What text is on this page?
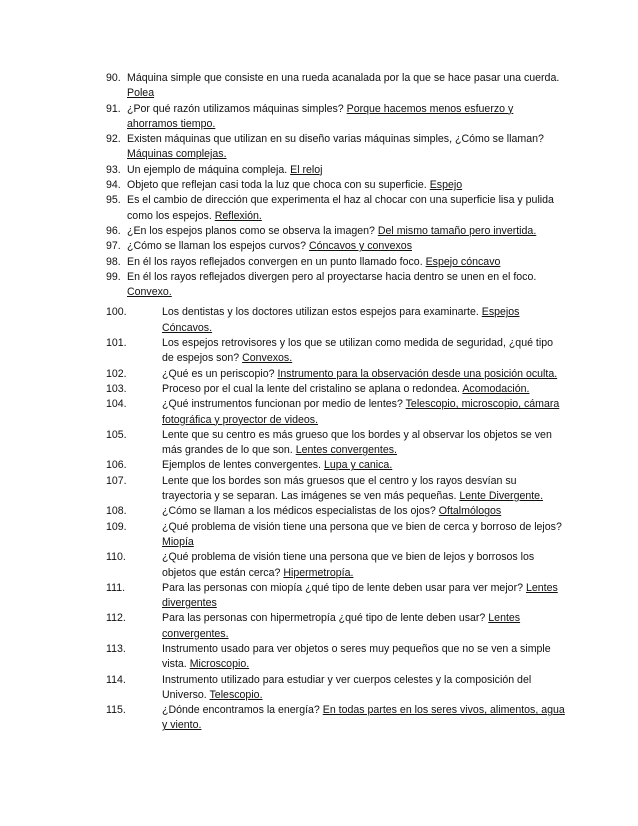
90. Máquina simple que consiste en una rueda acanalada por la que se hace pasar una cuerda. Polea
91. ¿Por qué razón utilizamos máquinas simples? Porque hacemos menos esfuerzo y ahorramos tiempo.
92. Existen máquinas que utilizan en su diseño varias máquinas simples, ¿Cómo se llaman? Máquinas complejas.
93. Un ejemplo de máquina compleja. El reloj
94. Objeto que reflejan casi toda la luz que choca con su superficie. Espejo
95. Es el cambio de dirección que experimenta el haz al chocar con una superficie lisa y pulida como los espejos. Reflexión.
96. ¿En los espejos planos como se observa la imagen? Del mismo tamaño pero invertida.
97. ¿Cómo se llaman los espejos curvos? Cóncavos y convexos
98. En él los rayos reflejados convergen en un punto llamado foco. Espejo cóncavo
99. En él los rayos reflejados divergen pero al proyectarse hacia dentro se unen en el foco. Convexo.
100.	Los dentistas y los doctores utilizan estos espejos para examinarte. Espejos Cóncavos.
101.	Los espejos retrovisores y los que se utilizan como medida de seguridad, ¿qué tipo de espejos son? Convexos.
102.	¿Qué es un periscopio? Instrumento para la observación desde una posición oculta.
103.	Proceso por el cual la lente del cristalino se aplana o redondea. Acomodación.
104.	¿Qué instrumentos funcionan por medio de lentes? Telescopio, microscopio, cámara fotográfica y proyector de videos.
105.	Lente que su centro es más grueso que los bordes y al observar los objetos se ven más grandes de lo que son. Lentes convergentes.
106.	Ejemplos de lentes convergentes. Lupa y canica.
107.	Lente que los bordes son más gruesos que el centro y los rayos desvían su trayectoria y se separan. Las imágenes se ven más pequeñas. Lente Divergente.
108.	¿Cómo se llaman a los médicos especialistas de los ojos? Oftalmólogos
109.	¿Qué problema de visión tiene una persona que ve bien de cerca y borroso de lejos? Miopía
110.	¿Qué problema de visión tiene una persona que ve bien de lejos y borrosos los objetos que están cerca? Hipermetropía.
111.	Para las personas con miopía ¿qué tipo de lente deben usar para ver mejor? Lentes divergentes
112.	Para las personas con hipermetropía ¿qué tipo de lente deben usar? Lentes convergentes.
113.	Instrumento usado para ver objetos o seres muy pequeños que no se ven a simple vista. Microscopio.
114.	Instrumento utilizado para estudiar y ver cuerpos celestes y la composición del Universo. Telescopio.
115.	¿Dónde encontramos la energía? En todas partes en los seres vivos, alimentos, agua y viento.
